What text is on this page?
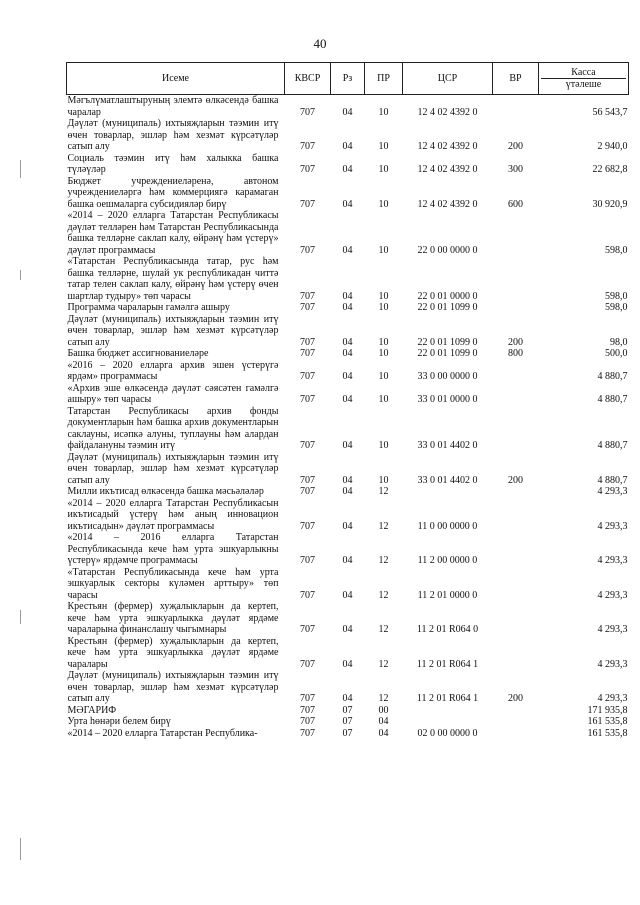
40
Исеме	КВСР	Рз	ПР	ЦСР	ВР	Касса
үтәлеше

Мәгълүматлаштыруның элемтә өлкәсендә башка чаралар	707	04	10	12 4 02 4392 0		56 543,7
Дәүләт (муниципаль) ихтыяҗларын тәэмин итү өчен товарлар, эшләр һәм хезмәт күрсәтүләр сатып алу	707	04	10	12 4 02 4392 0	200	2 940,0
Социаль тәэмин итү һәм халыкка башка түләүләр	707	04	10	12 4 02 4392 0	300	22 682,8
Бюджет учреждениеләренә, автоном учреждениеләргә һәм коммерциягә карамаган башка оешмаларга субсидияләр бирү	707	04	10	12 4 02 4392 0	600	30 920,9
«2014 – 2020 елларга Татарстан Республикасы дәүләт телләрен һәм Татарстан Республикасында башка телләрне саклап калу, өйрәнү һәм үстерү» дәүләт программасы	707	04	10	22 0 00 0000 0		598,0
«Татарстан Республикасында татар, рус һәм башка телләрне, шулай ук республикадан читтә татар телен саклап калу, өйрәнү һәм үстерү өчен шартлар тудыру» төп чарасы	707	04	10	22 0 01 0000 0		598,0
Программа чараларын гамәлгә ашыру	707	04	10	22 0 01 1099 0		598,0
Дәүләт (муниципаль) ихтыяҗларын тәэмин итү өчен товарлар, эшләр һәм хезмәт күрсәтүләр сатып алу	707	04	10	22 0 01 1099 0	200	98,0
Башка бюджет ассигнованиеләре	707	04	10	22 0 01 1099 0	800	500,0
«2016 – 2020 елларга архив эшен үстерүгә ярдәм» программасы	707	04	10	33 0 00 0000 0		4 880,7
«Архив эше өлкәсендә дәүләт сәясәтен гамәлгә ашыру» төп чарасы	707	04	10	33 0 01 0000 0		4 880,7
Татарстан Республикасы архив фонды документларын һәм башка архив документларын саклауны, исәпкә алуны, туплауны һәм алардан файдалануны тәэмин итү	707	04	10	33 0 01 4402 0		4 880,7
Дәүләт (муниципаль) ихтыяҗларын тәэмин итү өчен товарлар, эшләр һәм хезмәт күрсәтүләр сатып алу	707	04	10	33 0 01 4402 0	200	4 880,7
Милли икътисад өлкәсендә башка мәсьәләләр	707	04	12			4 293,3
«2014 – 2020 елларга Татарстан Республикасын икътисадый үстерү һәм аның инновацион икътисадын» дәүләт программасы	707	04	12	11 0 00 0000 0		4 293,3
«2014 – 2016 елларга Татарстан Республикасында кече һәм урта эшкуарлыкны үстерү» ярдәмче программасы	707	04	12	11 2 00 0000 0		4 293,3
«Татарстан Республикасында кече һәм урта эшкуарлык секторы күләмен арттыру» төп чарасы	707	04	12	11 2 01 0000 0		4 293,3
Крестьян (фермер) хуҗалыкларын да кертеп, кече һәм урта эшкуарлыкка дәүләт ярдәме чараларына финанслашу чыгымнары	707	04	12	11 2 01 R064 0		4 293,3
Крестьян (фермер) хуҗалыкларын да кертеп, кече һәм урта эшкуарлыкка дәүләт ярдәме чаралары	707	04	12	11 2 01 R064 1		4 293,3
Дәүләт (муниципаль) ихтыяҗларын тәэмин итү өчен товарлар, эшләр һәм хезмәт күрсәтүләр сатып алу	707	04	12	11 2 01 R064 1	200	4 293,3
МӘГАРИФ	707	07	00			171 935,8
Урта һөнәри белем бирү	707	07	04			161 535,8
«2014 – 2020 елларга Татарстан Республика-	707	07	04	02 0 00 0000 0		161 535,8
